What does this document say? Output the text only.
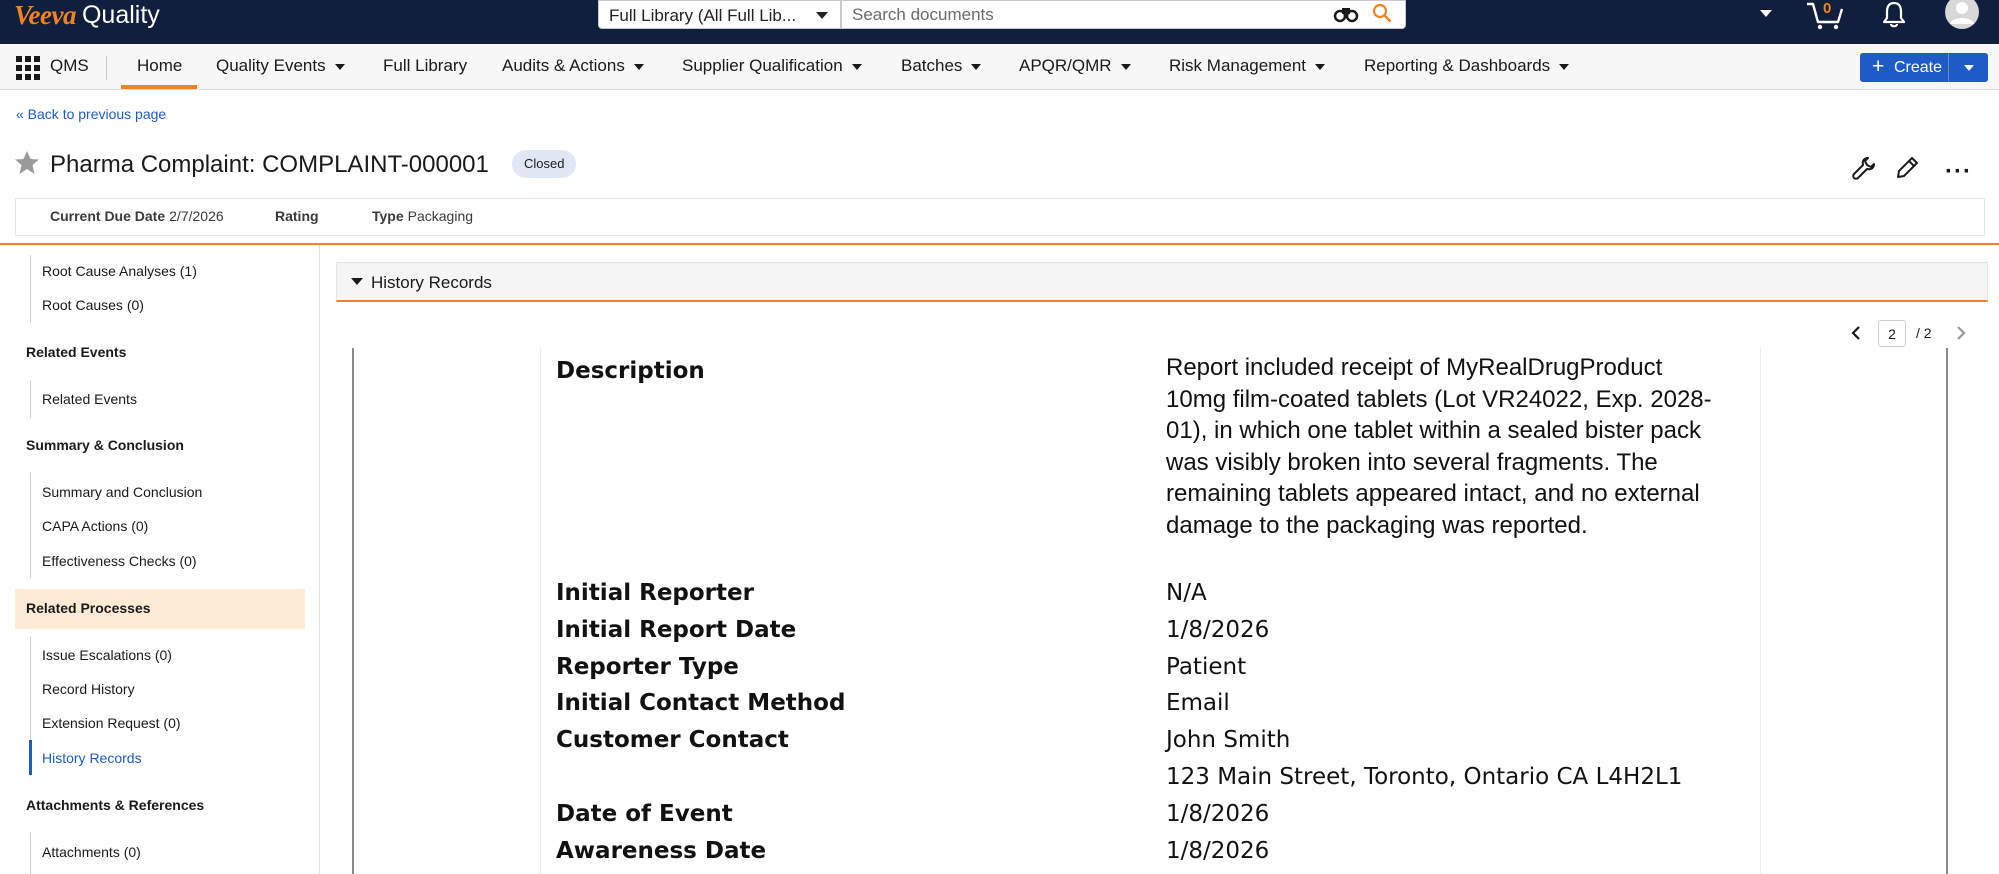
Veeva Quality	Full Library (All Full Lib...
Search documents	0
QMS	Home Quality Events	Full Library Audits & Actions	Supplier Qualification	Batches	APQR/QMR	Risk Management	Reporting & Dashboards	+ Create
« Back to previous page
Pharma Complaint: COMPLAINT-000001	Closed	···
Current Due Date 2/7/2026	Rating	Type Packaging
Root Cause Analyses (1)
Root Causes (0)
Related Events
Related Events
Summary & Conclusion
Summary and Conclusion
CAPA Actions (0)
Effectiveness Checks (0)
Related Processes
Issue Escalations (0)
Record History
Extension Request (0)
History Records
Attachments & References
Attachments (0)
History Records
2	/ 2
Description	Report included receipt of MyRealDrugProduct 10mg film-coated tablets (Lot VR24022, Exp. 2028-01), in which one tablet within a sealed bister pack was visibly broken into several fragments. The remaining tablets appeared intact, and no external damage to the packaging was reported.
Initial Reporter	N/A
Initial Report Date	1/8/2026
Reporter Type	Patient
Initial Contact Method	Email
Customer Contact	John Smith
123 Main Street, Toronto, Ontario CA L4H2L1
Date of Event	1/8/2026
Awareness Date	1/8/2026
